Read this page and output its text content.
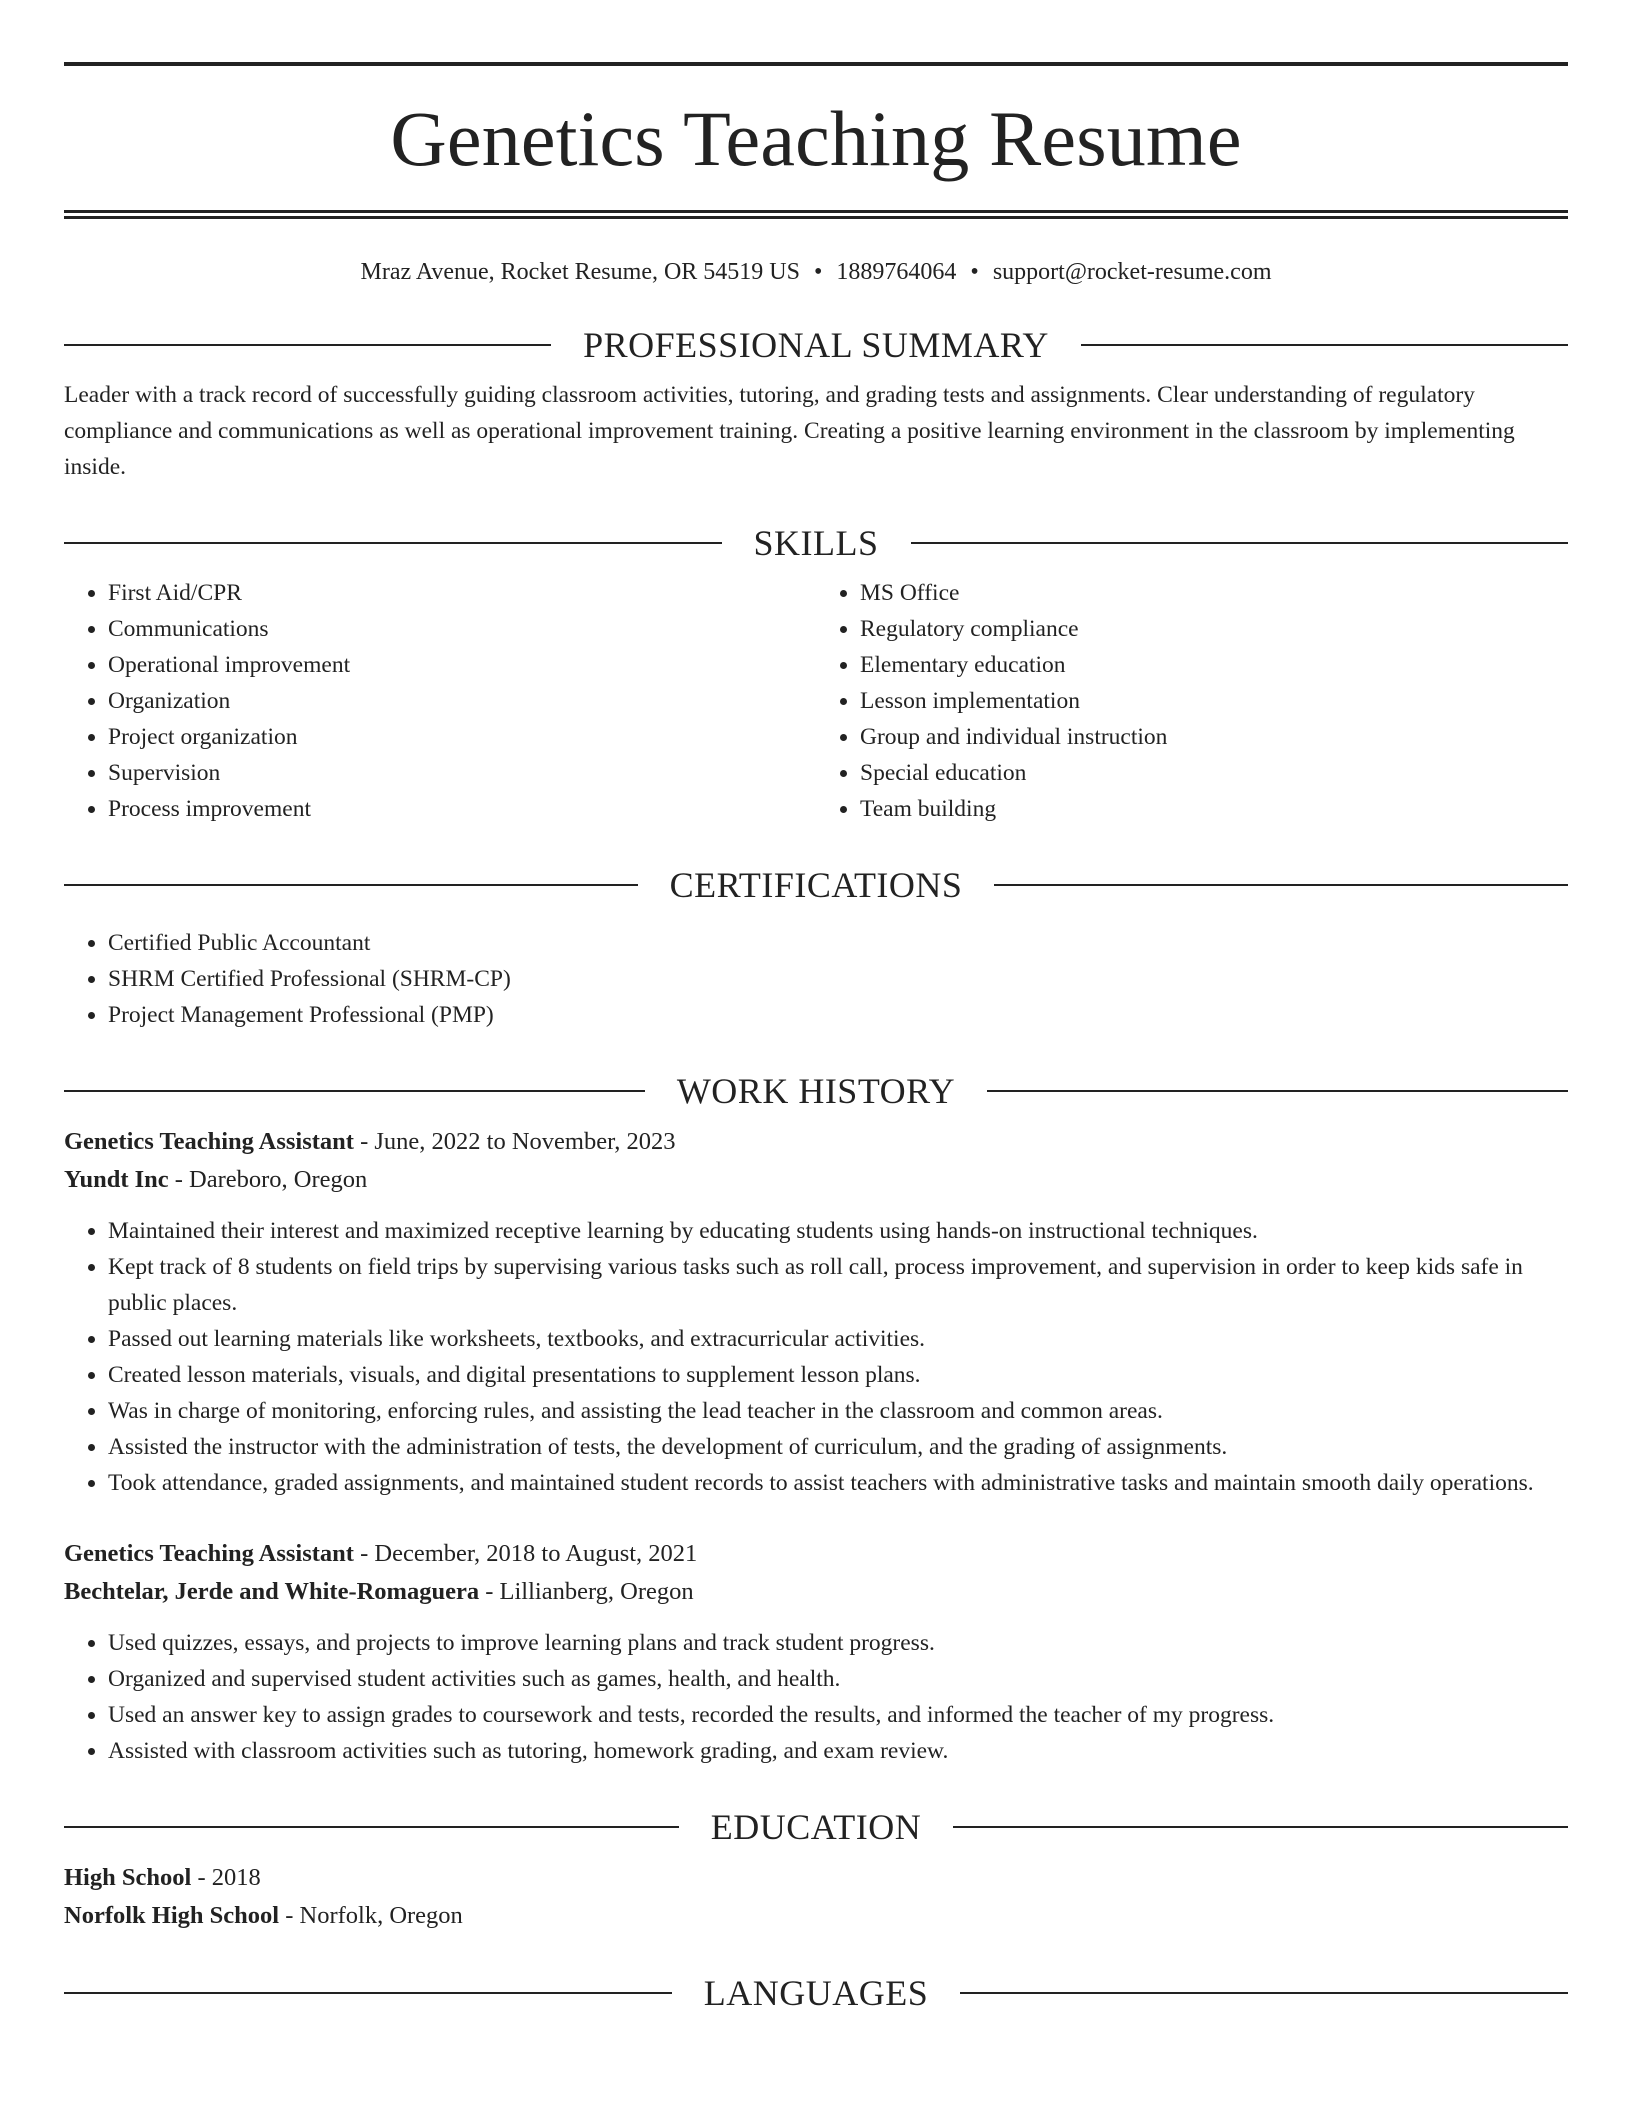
Genetics Teaching Resume
Mraz Avenue, Rocket Resume, OR 54519 US • 1889764064 • support@rocket-resume.com
PROFESSIONAL SUMMARY

Leader with a track record of successfully guiding classroom activities, tutoring, and grading tests and assignments. Clear understanding of regulatory compliance and communications as well as operational improvement training. Creating a positive learning environment in the classroom by implementing inside.

SKILLS
• First Aid/CPR
• Communications
• Operational improvement
• Organization
• Project organization
• Supervision
• Process improvement
• MS Office
• Regulatory compliance
• Elementary education
• Lesson implementation
• Group and individual instruction
• Special education
• Team building
CERTIFICATIONS
• Certified Public Accountant
• SHRM Certified Professional (SHRM-CP)
• Project Management Professional (PMP)
WORK HISTORY
Genetics Teaching Assistant - June, 2022 to November, 2023
Yundt Inc - Dareboro, Oregon
• Maintained their interest and maximized receptive learning by educating students using hands-on instructional techniques.
• Kept track of 8 students on field trips by supervising various tasks such as roll call, process improvement, and supervision in order to keep kids safe in public places.
• Passed out learning materials like worksheets, textbooks, and extracurricular activities.
• Created lesson materials, visuals, and digital presentations to supplement lesson plans.
• Was in charge of monitoring, enforcing rules, and assisting the lead teacher in the classroom and common areas.
• Assisted the instructor with the administration of tests, the development of curriculum, and the grading of assignments.
• Took attendance, graded assignments, and maintained student records to assist teachers with administrative tasks and maintain smooth daily operations.
Genetics Teaching Assistant - December, 2018 to August, 2021
Bechtelar, Jerde and White-Romaguera - Lillianberg, Oregon
• Used quizzes, essays, and projects to improve learning plans and track student progress.
• Organized and supervised student activities such as games, health, and health.
• Used an answer key to assign grades to coursework and tests, recorded the results, and informed the teacher of my progress.
• Assisted with classroom activities such as tutoring, homework grading, and exam review.
EDUCATION
High School - 2018
Norfolk High School - Norfolk, Oregon
LANGUAGES
